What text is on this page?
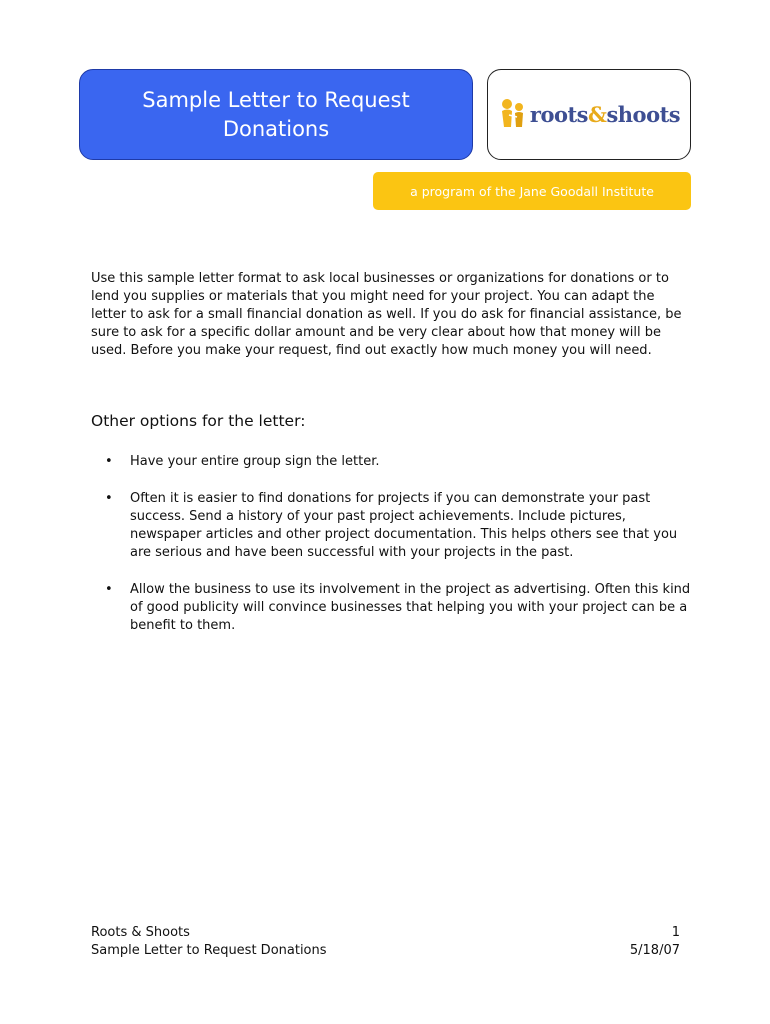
Sample Letter to Request Donations
roots&shoots
a program of the Jane Goodall Institute

Use this sample letter format to ask local businesses or organizations for donations or to lend you supplies or materials that you might need for your project. You can adapt the letter to ask for a small financial donation as well. If you do ask for financial assistance, be sure to ask for a specific dollar amount and be very clear about how that money will be used. Before you make your request, find out exactly how much money you will need.

Other options for the letter:
• Have your entire group sign the letter.
• Often it is easier to find donations for projects if you can demonstrate your past success. Send a history of your past project achievements. Include pictures, newspaper articles and other project documentation. This helps others see that you are serious and have been successful with your projects in the past.
• Allow the business to use its involvement in the project as advertising. Often this kind of good publicity will convince businesses that helping you with your project can be a benefit to them.
Roots & Shoots
Sample Letter to Request Donations
1
5/18/07
